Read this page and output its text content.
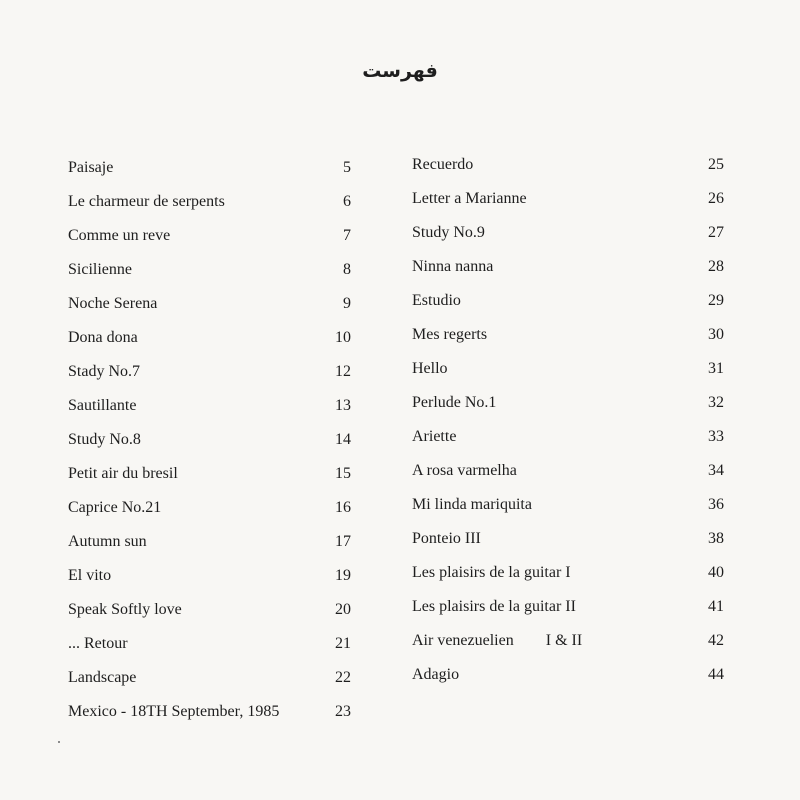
فهرست
Paisaje	5
Le charmeur de serpents	6
Comme un reve	7
Sicilienne	8
Noche Serena	9
Dona dona	10
Stady No.7	12
Sautillante	13
Study No.8	14
Petit air du bresil	15
Caprice No.21	16
Autumn sun	17
El vito	19
Speak Softly love	20
... Retour	21
Landscape	22
Mexico - 18TH September, 1985	23
Recuerdo	25
Letter a Marianne	26
Study No.9	27
Ninna nanna	28
Estudio	29
Mes regerts	30
Hello	31
Perlude No.1	32
Ariette	33
A rosa varmelha	34
Mi linda mariquita	36
Ponteio III	38
Les plaisirs de la guitar I	40
Les plaisirs de la guitar II	41
Air venezuelien I & II	42
Adagio	44
